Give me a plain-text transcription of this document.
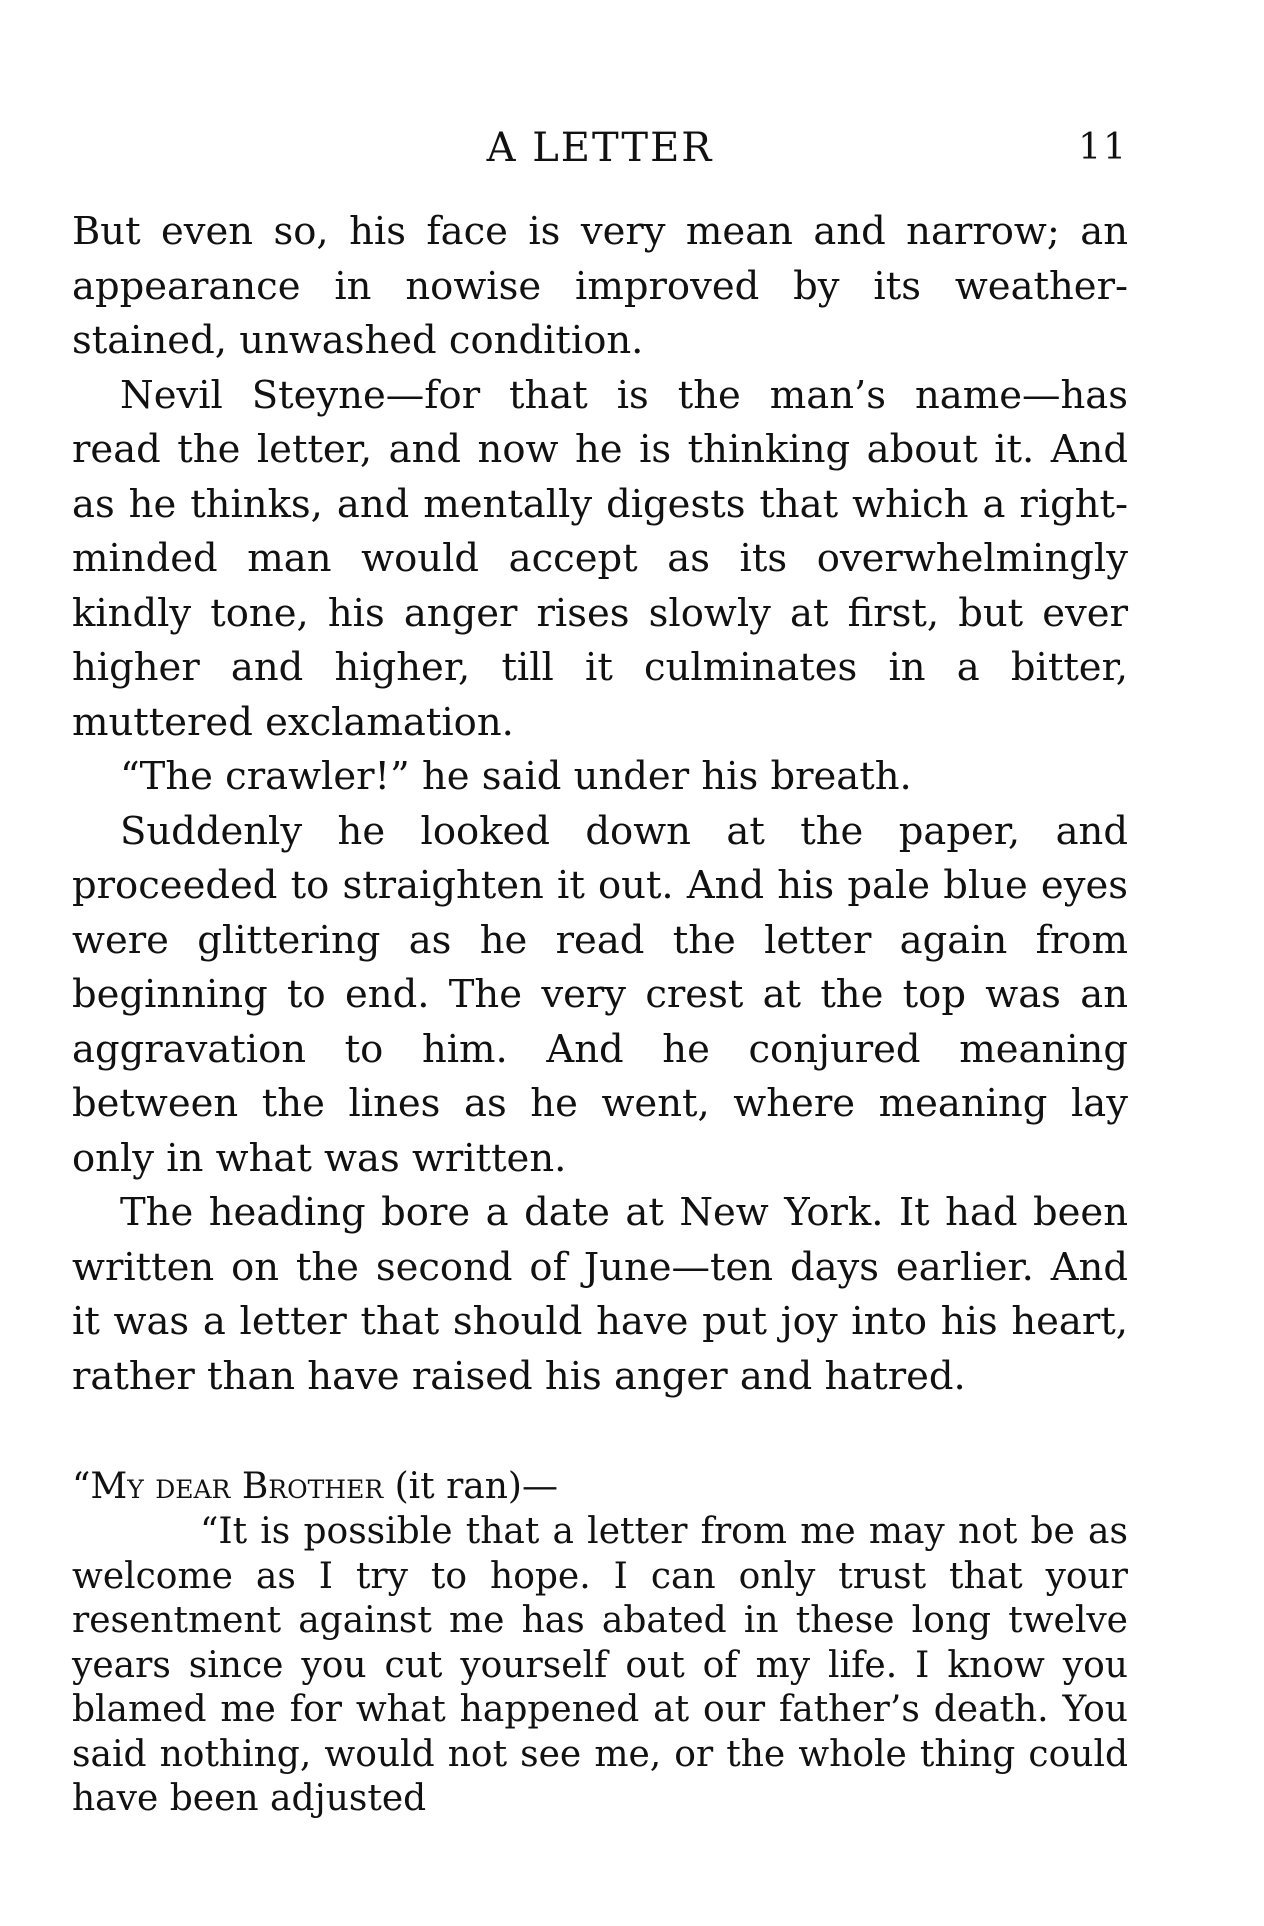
A LETTER	11

But even so, his face is very mean and narrow; an appearance in nowise improved by its weather-stained, unwashed condition.

Nevil Steyne—for that is the man’s name—has read the letter, and now he is thinking about it. And as he thinks, and mentally digests that which a right-minded man would accept as its overwhelmingly kindly tone, his anger rises slowly at first, but ever higher and higher, till it culminates in a bitter, muttered exclamation.

“The crawler!” he said under his breath.

Suddenly he looked down at the paper, and proceeded to straighten it out. And his pale blue eyes were glittering as he read the letter again from beginning to end. The very crest at the top was an aggravation to him. And he conjured meaning between the lines as he went, where meaning lay only in what was written.

The heading bore a date at New York. It had been written on the second of June—ten days earlier. And it was a letter that should have put joy into his heart, rather than have raised his anger and hatred.

“My dear Brother (it ran)—

“It is possible that a letter from me may not be as welcome as I try to hope. I can only trust that your resentment against me has abated in these long twelve years since you cut yourself out of my life. I know you blamed me for what happened at our father’s death. You said nothing, would not see me, or the whole thing could have been adjusted
